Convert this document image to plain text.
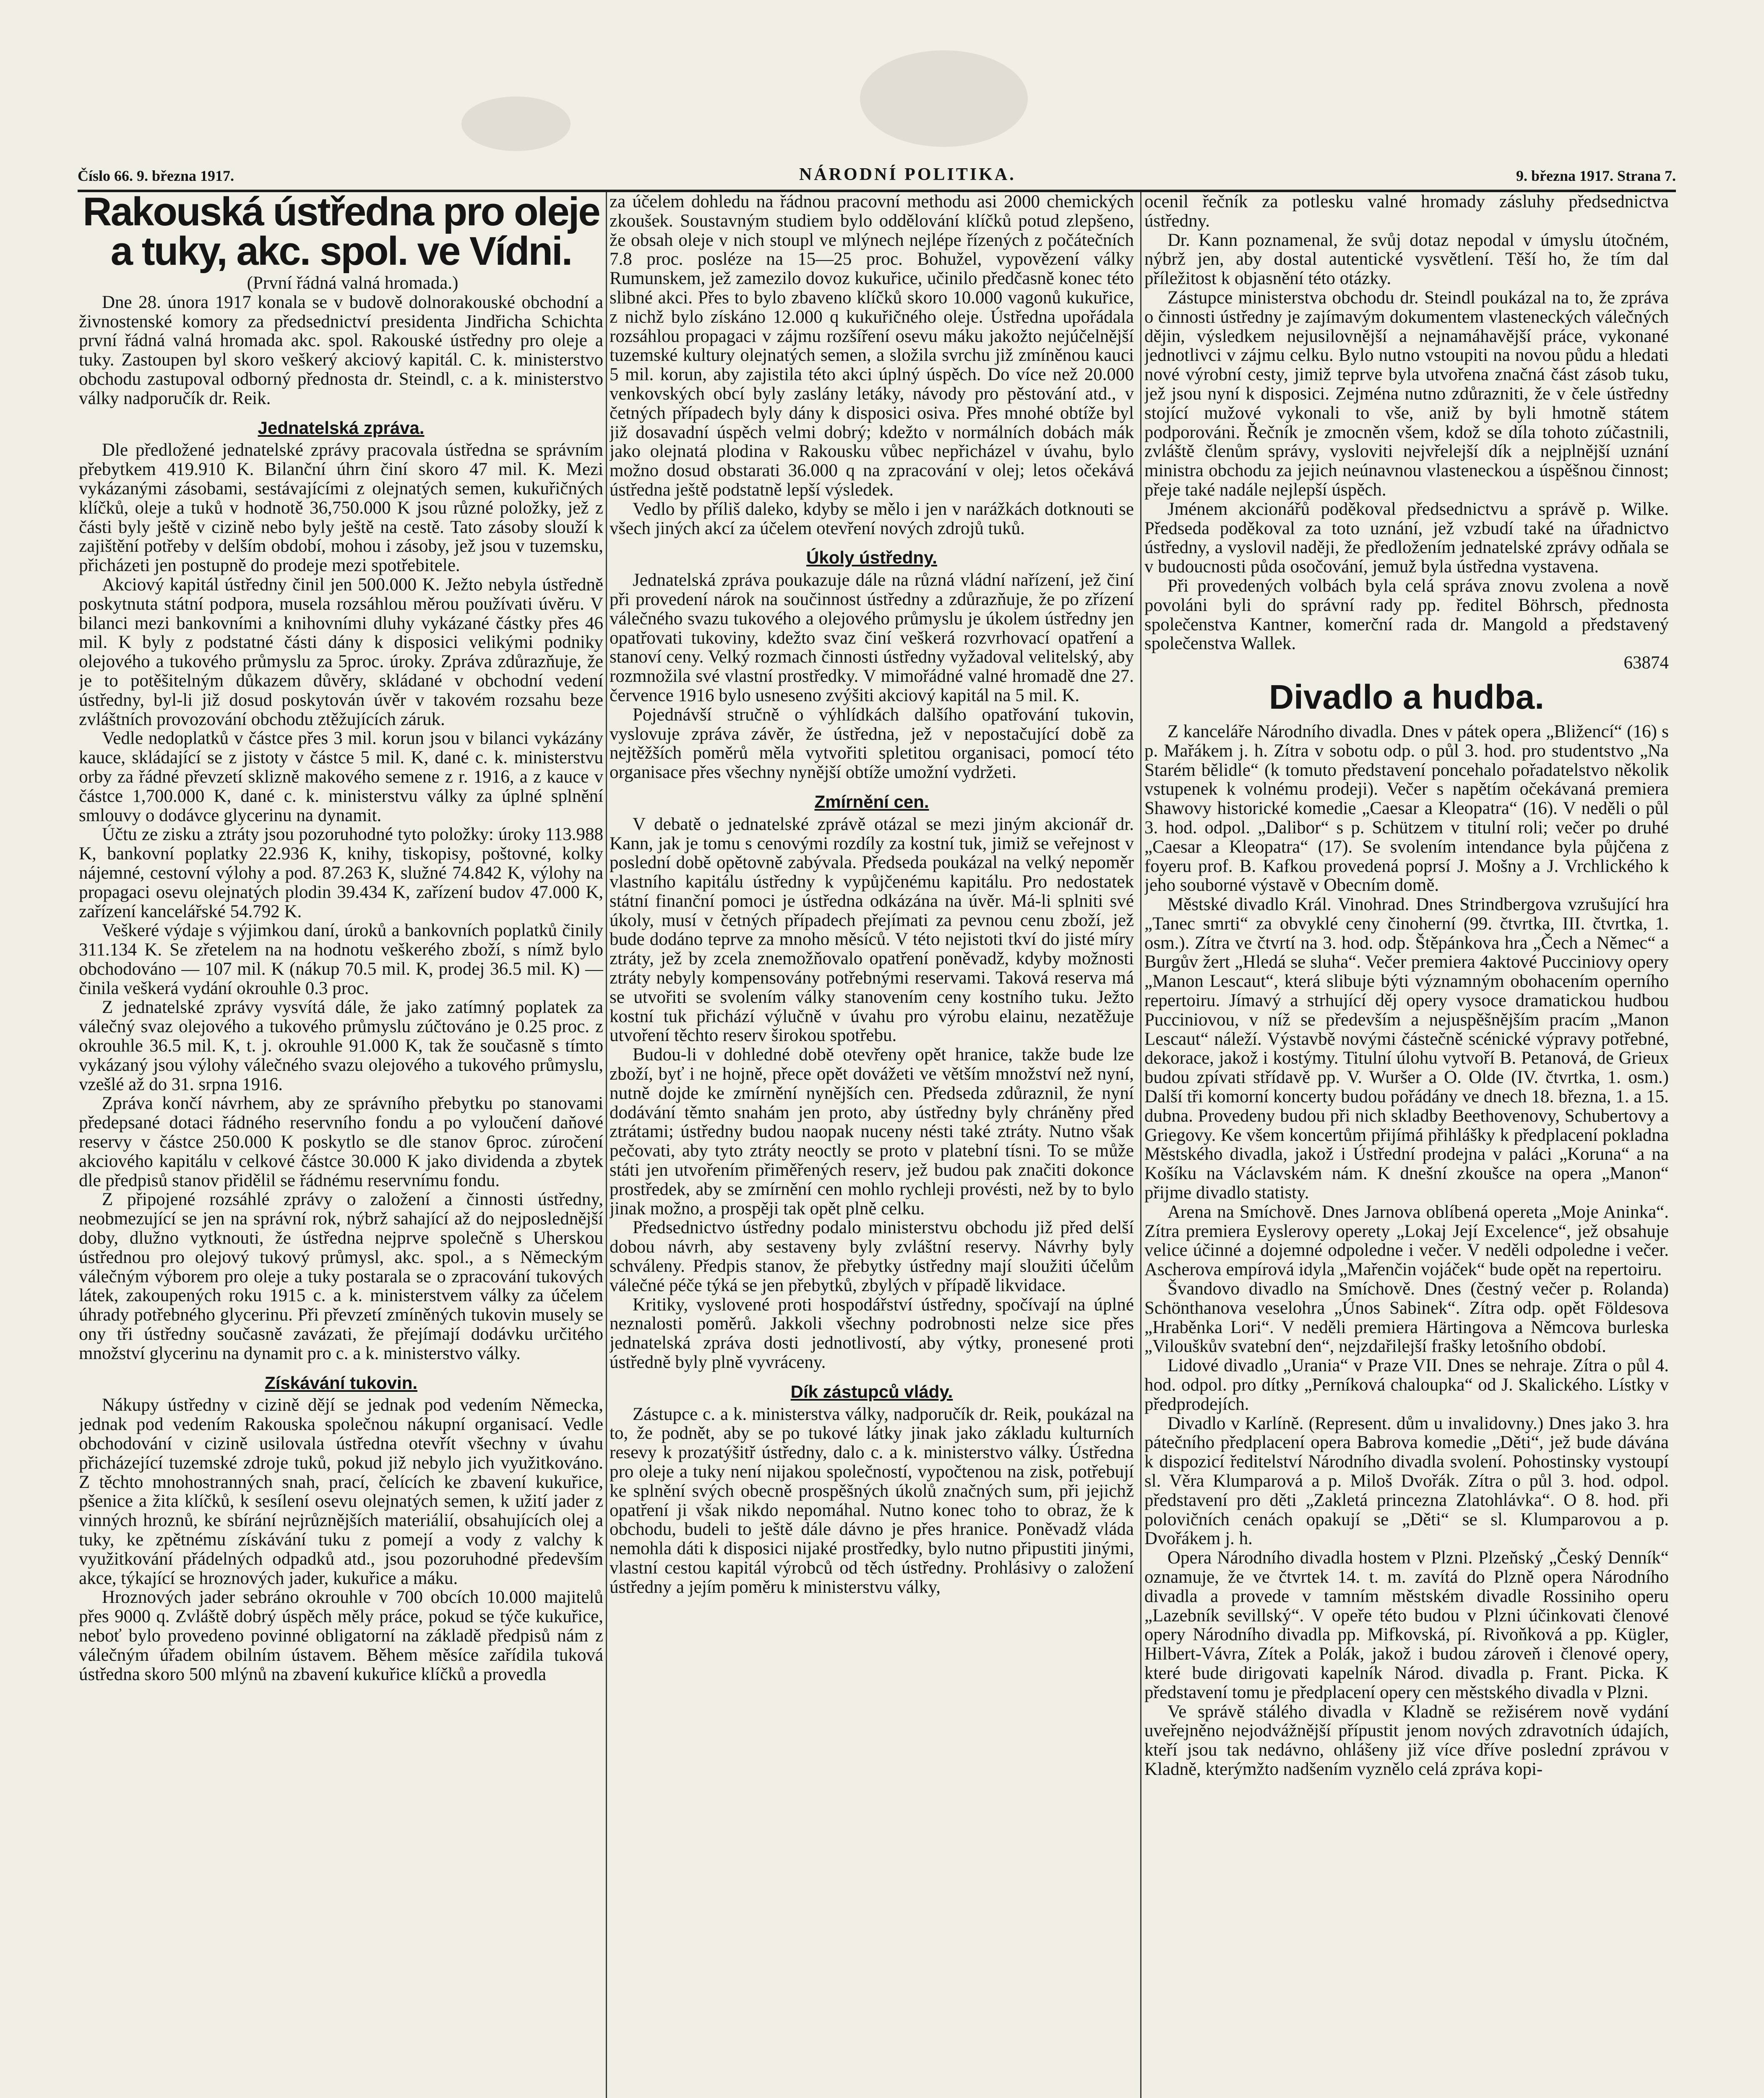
Číslo 66. 9. března 1917.	NÁRODNÍ POLITIKA.	9. března 1917. Strana 7.
Rakouská ústředna pro oleje a tuky, akc. spol. ve Vídni.

(První řádná valná hromada.)

Dne 28. února 1917 konala se v budově dolnorakouské obchodní a živnostenské komory za předsednictví presidenta Jindřicha Schichta první řádná valná hromada akc. spol. Rakouské ústředny pro oleje a tuky. Zastoupen byl skoro veškerý akciový kapitál. C. k. ministerstvo obchodu zastupoval odborný přednosta dr. Steindl, c. a k. ministerstvo války nadporučík dr. Reik.

Jednatelská zpráva.

Dle předložené jednatelské zprávy pracovala ústředna se správním přebytkem 419.910 K. Bilanční úhrn činí skoro 47 mil. K. Mezi vykázanými zásobami, sestávajícími z olejnatých semen, kukuřičných klíčků, oleje a tuků v hodnotě 36,750.000 K jsou různé položky, jež z části byly ještě v cizině nebo byly ještě na cestě. Tato zásoby slouží k zajištění potřeby v delším období, mohou i zásoby, jež jsou v tuzemsku, přicházeti jen postupně do prodeje mezi spotřebitele.

Akciový kapitál ústředny činil jen 500.000 K. Ježto nebyla ústředně poskytnuta státní podpora, musela rozsáhlou měrou používati úvěru. V bilanci mezi bankovními a knihovními dluhy vykázané částky přes 46 mil. K byly z podstatné části dány k disposici velikými podniky olejového a tukového průmyslu za 5proc. úroky. Zpráva zdůrazňuje, že je to potěšitelným důkazem důvěry, skládané v obchodní vedení ústředny, byl-li již dosud poskytován úvěr v takovém rozsahu beze zvláštních provozování obchodu ztěžujících záruk.

Vedle nedoplatků v částce přes 3 mil. korun jsou v bilanci vykázány kauce, skládající se z jistoty v částce 5 mil. K, dané c. k. ministerstvu orby za řádné převzetí sklizně makového semene z r. 1916, a z kauce v částce 1,700.000 K, dané c. k. ministerstvu války za úplné splnění smlouvy o dodávce glycerinu na dynamit.

Účtu ze zisku a ztráty jsou pozoruhodné tyto položky: úroky 113.988 K, bankovní poplatky 22.936 K, knihy, tiskopisy, poštovné, kolky nájemné, cestovní výlohy a pod. 87.263 K, služné 74.842 K, výlohy na propagaci osevu olejnatých plodin 39.434 K, zařízení budov 47.000 K, zařízení kancelářské 54.792 K.

Veškeré výdaje s výjimkou daní, úroků a bankovních poplatků činily 311.134 K. Se zřetelem na na hodnotu veškerého zboží, s nímž bylo obchodováno — 107 mil. K (nákup 70.5 mil. K, prodej 36.5 mil. K) — činila veškerá vydání okrouhle 0.3 proc.

Z jednatelské zprávy vysvítá dále, že jako zatímný poplatek za válečný svaz olejového a tukového průmyslu zúčtováno je 0.25 proc. z okrouhle 36.5 mil. K, t. j. okrouhle 91.000 K, tak že současně s tímto vykázaný jsou výlohy válečného svazu olejového a tukového průmyslu, vzešlé až do 31. srpna 1916.

Zpráva končí návrhem, aby ze správního přebytku po stanovami předepsané dotaci řádného reservního fondu a po vyloučení daňové reservy v částce 250.000 K poskytlo se dle stanov 6proc. zúročení akciového kapitálu v celkové částce 30.000 K jako dividenda a zbytek dle předpisů stanov přidělil se řádnému reservnímu fondu.

Z připojené rozsáhlé zprávy o založení a činnosti ústředny, neobmezující se jen na správní rok, nýbrž sahající až do nejposlednější doby, dlužno vytknouti, že ústředna nejprve společně s Uherskou ústřednou pro olejový tukový průmysl, akc. spol., a s Německým válečným výborem pro oleje a tuky postarala se o zpracování tukových látek, zakoupených roku 1915 c. a k. ministerstvem války za účelem úhrady potřebného glycerinu. Při převzetí zmíněných tukovin musely se ony tři ústředny současně zavázati, že přejímají dodávku určitého množství glycerinu na dynamit pro c. a k. ministerstvo války.

Získávání tukovin.

Nákupy ústředny v cizině dějí se jednak pod vedením Německa, jednak pod vedením Rakouska společnou nákupní organisací. Vedle obchodování v cizině usilovala ústředna otevřít všechny v úvahu přicházející tuzemské zdroje tuků, pokud již nebylo jich využitkováno. Z těchto mnohostranných snah, prací, čelících ke zbavení kukuřice, pšenice a žita klíčků, k sesílení osevu olejnatých semen, k užití jader z vinných hroznů, ke sbírání nejrůznějších materiálií, obsahujících olej a tuky, ke zpětnému získávání tuku z pomejí a vody z valchy k využitkování přádelných odpadků atd., jsou pozoruhodné především akce, týkající se hroznových jader, kukuřice a máku.

Hroznových jader sebráno okrouhle v 700 obcích 10.000 majitelů přes 9000 q. Zvláště dobrý úspěch měly práce, pokud se týče kukuřice, neboť bylo provedeno povinné obligatorní na základě předpisů nám z válečným úřadem obilním ústavem. Během měsíce zařídila tuková ústředna skoro 500 mlýnů na zbavení kukuřice klíčků a provedla

za účelem dohledu na řádnou pracovní methodu asi 2000 chemických zkoušek. Soustavným studiem bylo oddělování klíčků potud zlepšeno, že obsah oleje v nich stoupl ve mlýnech nejlépe řízených z počátečních 7.8 proc. posléze na 15—25 proc. Bohužel, vypovězení války Rumunskem, jež zamezilo dovoz kukuřice, učinilo předčasně konec této slibné akci. Přes to bylo zbaveno klíčků skoro 10.000 vagonů kukuřice, z nichž bylo získáno 12.000 q kukuřičného oleje. Ústředna upořádala rozsáhlou propagaci v zájmu rozšíření osevu máku jakožto nejúčelnější tuzemské kultury olejnatých semen, a složila svrchu již zmíněnou kauci 5 mil. korun, aby zajistila této akci úplný úspěch. Do více než 20.000 venkovských obcí byly zaslány letáky, návody pro pěstování atd., v četných případech byly dány k disposici osiva. Přes mnohé obtíže byl již dosavadní úspěch velmi dobrý; kdežto v normálních dobách mák jako olejnatá plodina v Rakousku vůbec nepřicházel v úvahu, bylo možno dosud obstarati 36.000 q na zpracování v olej; letos očekává ústředna ještě podstatně lepší výsledek.

Vedlo by příliš daleko, kdyby se mělo i jen v narážkách dotknouti se všech jiných akcí za účelem otevření nových zdrojů tuků.

Úkoly ústředny.

Jednatelská zpráva poukazuje dále na různá vládní nařízení, jež činí při provedení nárok na součinnost ústředny a zdůrazňuje, že po zřízení válečného svazu tukového a olejového průmyslu je úkolem ústředny jen opatřovati tukoviny, kdežto svaz činí veškerá rozvrhovací opatření a stanoví ceny. Velký rozmach činnosti ústředny vyžadoval velitelský, aby rozmnožila své vlastní prostředky. V mimořádné valné hromadě dne 27. července 1916 bylo usneseno zvýšiti akciový kapitál na 5 mil. K.

Pojednávší stručně o výhlídkách dalšího opatřování tukovin, vyslovuje zpráva závěr, že ústředna, jež v nepostačující době za nejtěžších poměrů měla vytvořiti spletitou organisaci, pomocí této organisace přes všechny nynější obtíže umožní vydržeti.

Zmírnění cen.

V debatě o jednatelské zprávě otázal se mezi jiným akcionář dr. Kann, jak je tomu s cenovými rozdíly za kostní tuk, jimiž se veřejnost v poslední době opětovně zabývala. Předseda poukázal na velký nepoměr vlastního kapitálu ústředny k vypůjčenému kapitálu. Pro nedostatek státní finanční pomoci je ústředna odkázána na úvěr. Má-li splniti své úkoly, musí v četných případech přejímati za pevnou cenu zboží, jež bude dodáno teprve za mnoho měsíců. V této nejistoti tkví do jisté míry ztráty, jež by zcela znemožňovalo opatření poněvadž, kdyby možnosti ztráty nebyly kompensovány potřebnými reservami. Taková reserva má se utvořiti se svolením války stanovením ceny kostního tuku. Ježto kostní tuk přichází výlučně v úvahu pro výrobu elainu, nezatěžuje utvoření těchto reserv širokou spotřebu.

Budou-li v dohledné době otevřeny opět hranice, takže bude lze zboží, byť i ne hojně, přece opět dovážeti ve větším množství než nyní, nutně dojde ke zmírnění nynějších cen. Předseda zdůraznil, že nyní dodávání těmto snahám jen proto, aby ústředny byly chráněny před ztrátami; ústředny budou naopak nuceny nésti také ztráty. Nutno však pečovati, aby tyto ztráty neoctly se proto v platební tísni. To se může státi jen utvořením přiměřených reserv, jež budou pak značiti dokonce prostředek, aby se zmírnění cen mohlo rychleji provésti, než by to bylo jinak možno, a prospěji tak opět plně celku.

Předsednictvo ústředny podalo ministerstvu obchodu již před delší dobou návrh, aby sestaveny byly zvláštní reservy. Návrhy byly schváleny. Předpis stanov, že přebytky ústředny mají sloužiti účelům válečné péče týká se jen přebytků, zbylých v případě likvidace.

Kritiky, vyslovené proti hospodářství ústředny, spočívají na úplné neznalosti poměrů. Jakkoli všechny podrobnosti nelze sice přes jednatelská zpráva dosti jednotlivostí, aby výtky, pronesené proti ústředně byly plně vyvráceny.

Dík zástupců vlády.

Zástupce c. a k. ministerstva války, nadporučík dr. Reik, poukázal na to, že podnět, aby se po tukové látky jinak jako základu kulturních resevy k prozatýšitř ústředny, dalo c. a k. ministerstvo války. Ústředna pro oleje a tuky není nijakou společností, vypočtenou na zisk, potřebují ke splnění svých obecně prospěšných úkolů značných sum, při jejichž opatření ji však nikdo nepomáhal. Nutno konec toho to obraz, že k obchodu, budeli to ještě dále dávno je přes hranice. Poněvadž vláda nemohla dáti k disposici nijaké prostředky, bylo nutno připustiti jinými, vlastní cestou kapitál výrobců od těch ústředny. Prohlásivy o založení ústředny a jejím poměru k ministerstvu války,

ocenil řečník za potlesku valné hromady zásluhy předsednictva ústředny.

Dr. Kann poznamenal, že svůj dotaz nepodal v úmyslu útočném, nýbrž jen, aby dostal autentické vysvětlení. Těší ho, že tím dal příležitost k objasnění této otázky.

Zástupce ministerstva obchodu dr. Steindl poukázal na to, že zpráva o činnosti ústředny je zajímavým dokumentem vlasteneckých válečných dějin, výsledkem nejusilovnější a nejnamáhavější práce, vykonané jednotlivci v zájmu celku. Bylo nutno vstoupiti na novou půdu a hledati nové výrobní cesty, jimiž teprve byla utvořena značná část zásob tuku, jež jsou nyní k disposici. Zejména nutno zdůrazniti, že v čele ústředny stojící mužové vykonali to vše, aniž by byli hmotně státem podporováni. Řečník je zmocněn všem, kdož se díla tohoto zúčastnili, zvláště členům správy, vysloviti nejvřelejší dík a nejplnější uznání ministra obchodu za jejich neúnavnou vlasteneckou a úspěšnou činnost; přeje také nadále nejlepší úspěch.

Jménem akcionářů poděkoval předsednictvu a správě p. Wilke. Předseda poděkoval za toto uznání, jež vzbudí také na úřadnictvo ústředny, a vyslovil naději, že předložením jednatelské zprávy odňala se v budoucnosti půda osočování, jemuž byla ústředna vystavena.

Při provedených volbách byla celá správa znovu zvolena a nově povoláni byli do správní rady pp. ředitel Böhrsch, přednosta společenstva Kantner, komerční rada dr. Mangold a představený společenstva Wallek.

63874

Divadlo a hudba.

Z kanceláře Národního divadla. Dnes v pátek opera „Bližencí“ (16) s p. Mařákem j. h. Zítra v sobotu odp. o půl 3. hod. pro studentstvo „Na Starém bělidle“ (k tomuto představení poncehalo pořadatelstvo několik vstupenek k volnému prodeji). Večer s napětím očekávaná premiera Shawovy historické komedie „Caesar a Kleopatra“ (16). V neděli o půl 3. hod. odpol. „Dalibor“ s p. Schützem v titulní roli; večer po druhé „Caesar a Kleopatra“ (17). Se svolením intendance byla půjčena z foyeru prof. B. Kafkou provedená poprsí J. Mošny a J. Vrchlického k jeho souborné výstavě v Obecním domě.

Městské divadlo Král. Vinohrad. Dnes Strindbergova vzrušující hra „Tanec smrti“ za obvyklé ceny činoherní (99. čtvrtka, III. čtvrtka, 1. osm.). Zítra ve čtvrtí na 3. hod. odp. Štěpánkova hra „Čech a Němec“ a Burgův žert „Hledá se sluha“. Večer premiera 4aktové Pucciniovy opery „Manon Lescaut“, která slibuje býti významným obohacením operního repertoiru. Jímavý a strhující děj opery vysoce dramatickou hudbou Pucciniovou, v níž se především a nejuspěšnějším pracím „Manon Lescaut“ náleží. Výstavbě novými částečně scénické výpravy potřebné, dekorace, jakož i kostýmy. Titulní úlohu vytvoří B. Petanová, de Grieux budou zpívati střídavě pp. V. Wuršer a O. Olde (IV. čtvrtka, 1. osm.) Další tři komorní koncerty budou pořádány ve dnech 18. března, 1. a 15. dubna. Provedeny budou při nich skladby Beethovenovy, Schubertovy a Griegovy. Ke všem koncertům přijímá přihlášky k předplacení pokladna Městského divadla, jakož i Ústřední prodejna v paláci „Koruna“ a na Košíku na Václavském nám. K dnešní zkoušce na opera „Manon“ přijme divadlo statisty.

Arena na Smíchově. Dnes Jarnova oblíbená opereta „Moje Aninka“. Zítra premiera Eyslerovy operety „Lokaj Její Excelence“, jež obsahuje velice účinné a dojemné odpoledne i večer. V neděli odpoledne i večer. Ascherova empírová idyla „Mařenčin vojáček“ bude opět na repertoiru.

Švandovo divadlo na Smíchově. Dnes (čestný večer p. Rolanda) Schönthanova veselohra „Únos Sabinek“. Zítra odp. opět Földesova „Hraběnka Lori“. V neděli premiera Härtingova a Němcova burleska „Vilouškův svatební den“, nejzdařilejší frašky letošního období.

Lidové divadlo „Urania“ v Praze VII. Dnes se nehraje. Zítra o půl 4. hod. odpol. pro dítky „Perníková chaloupka“ od J. Skalického. Lístky v předprodejích.

Divadlo v Karlíně. (Represent. dům u invalidovny.) Dnes jako 3. hra pátečního předplacení opera Babrova komedie „Děti“, jež bude dávána k dispozicí ředitelství Národního divadla svolení. Pohostinsky vystoupí sl. Věra Klumparová a p. Miloš Dvořák. Zítra o půl 3. hod. odpol. představení pro děti „Zakletá princezna Zlatohlávka“. O 8. hod. při polovičních cenách opakují se „Děti“ se sl. Klumparovou a p. Dvořákem j. h.

Opera Národního divadla hostem v Plzni. Plzeňský „Český Denník“ oznamuje, že ve čtvrtek 14. t. m. zavítá do Plzně opera Národního divadla a provede v tamním městském divadle Rossiniho operu „Lazebník sevillský“. V opeře této budou v Plzni účinkovati členové opery Národního divadla pp. Mifkovská, pí. Rivoňková a pp. Kügler, Hilbert-Vávra, Zítek a Polák, jakož i budou zároveň i členové opery, které bude dirigovati kapelník Národ. divadla p. Frant. Picka. K představení tomu je předplacení opery cen městského divadla v Plzni.

Ve správě stálého divadla v Kladně se režisérem nově vydání uveřejněno nejodvážnější přípustit jenom nových zdravotních údajích, kteří jsou tak nedávno, ohlášeny již více dříve poslední zprávou v Kladně, kterýmžto nadšením vyznělo celá zpráva kopi-
